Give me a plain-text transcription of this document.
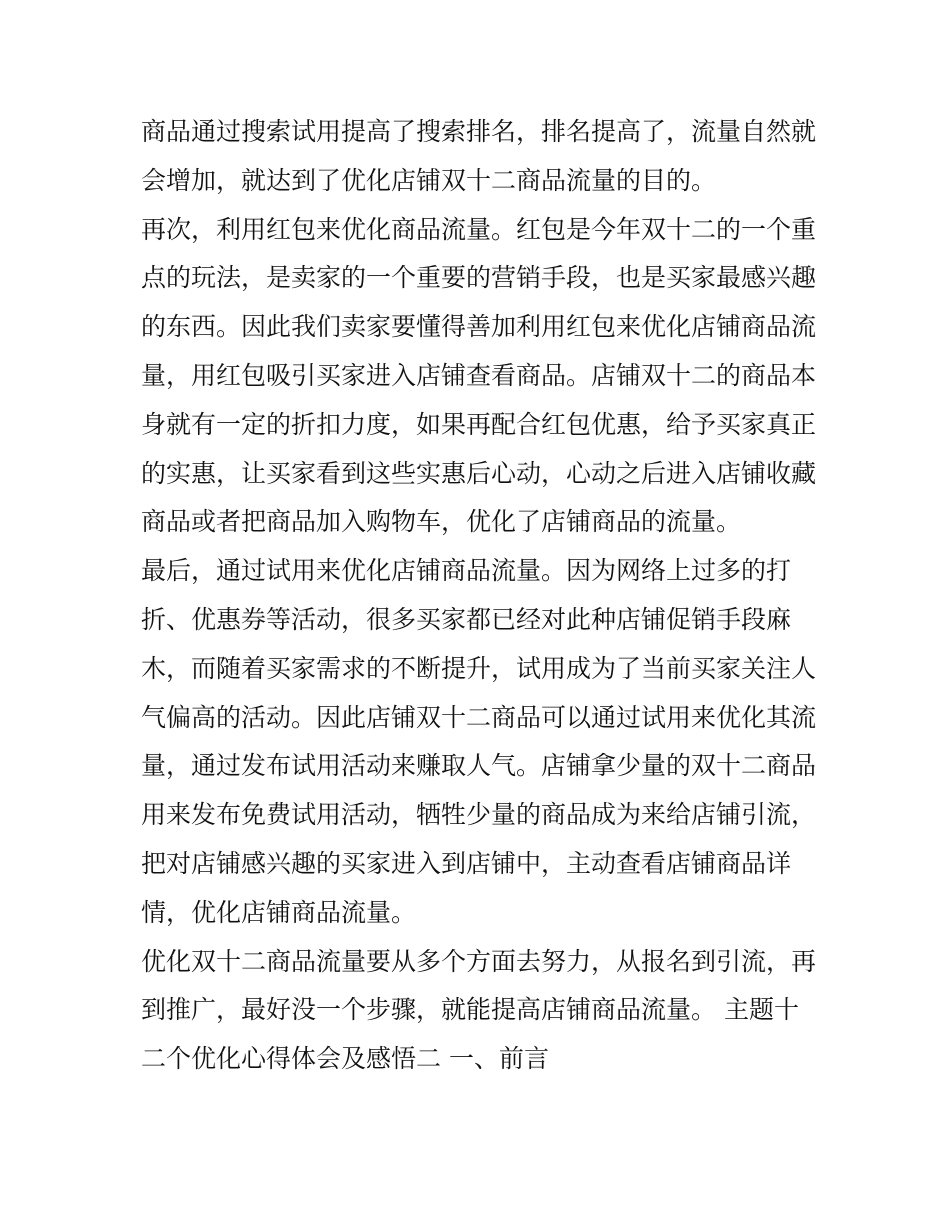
商品通过搜索试用提高了搜索排名，排名提高了，流量自然就
会增加，就达到了优化店铺双十二商品流量的目的。
再次，利用红包来优化商品流量。红包是今年双十二的一个重
点的玩法，是卖家的一个重要的营销手段，也是买家最感兴趣
的东西。因此我们卖家要懂得善加利用红包来优化店铺商品流
量，用红包吸引买家进入店铺查看商品。店铺双十二的商品本
身就有一定的折扣力度，如果再配合红包优惠，给予买家真正
的实惠，让买家看到这些实惠后心动，心动之后进入店铺收藏
商品或者把商品加入购物车，优化了店铺商品的流量。
最后，通过试用来优化店铺商品流量。因为网络上过多的打
折、优惠券等活动，很多买家都已经对此种店铺促销手段麻
木，而随着买家需求的不断提升，试用成为了当前买家关注人
气偏高的活动。因此店铺双十二商品可以通过试用来优化其流
量，通过发布试用活动来赚取人气。店铺拿少量的双十二商品
用来发布免费试用活动，牺牲少量的商品成为来给店铺引流，
把对店铺感兴趣的买家进入到店铺中，主动查看店铺商品详
情，优化店铺商品流量。
优化双十二商品流量要从多个方面去努力，从报名到引流，再
到推广，最好没一个步骤，就能提高店铺商品流量。 主题十
二个优化心得体会及感悟二 一、前言
